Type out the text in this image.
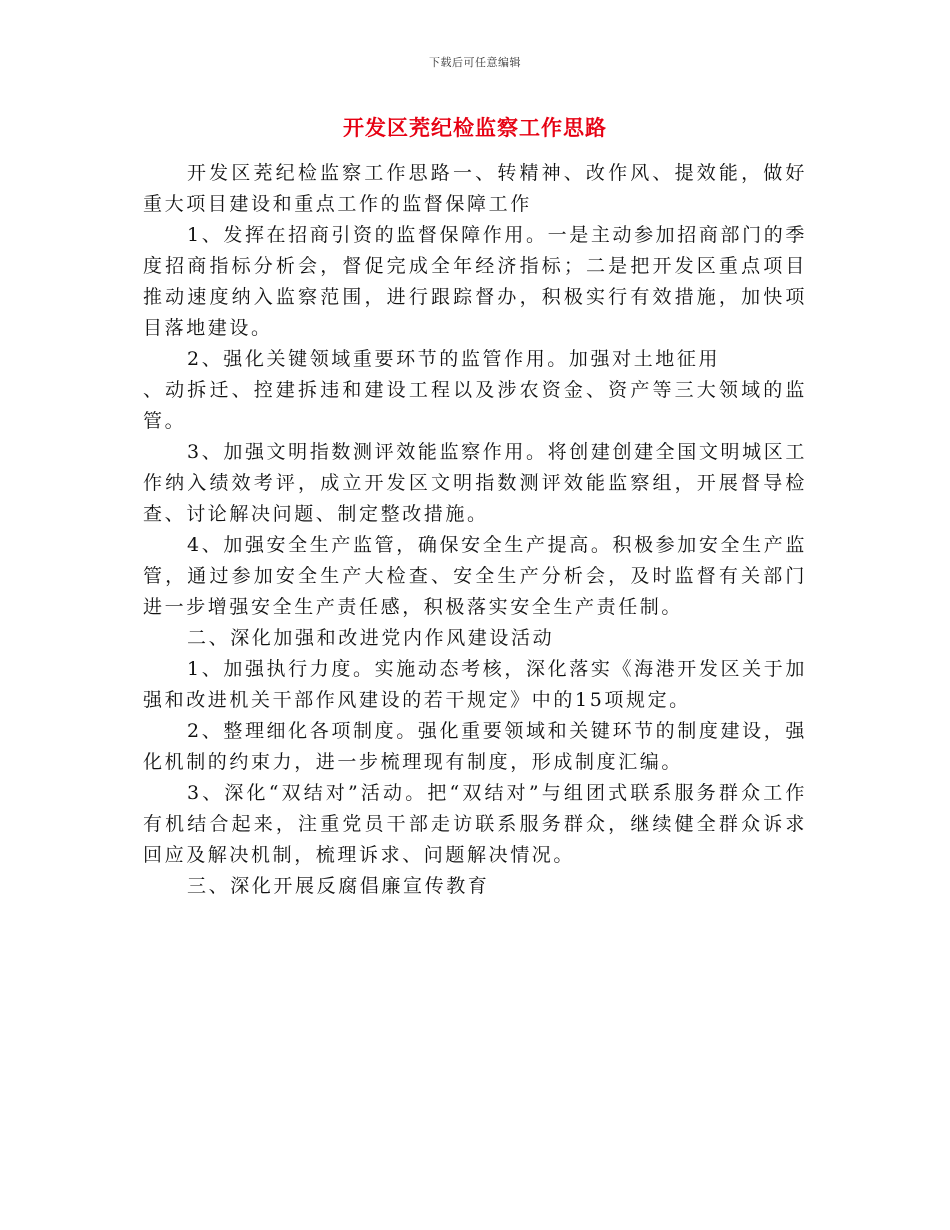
下载后可任意编辑
开发区茺纪检监察工作思路

开发区茺纪检监察工作思路一、转精神、改作风、提效能，做好重大项目建设和重点工作的监督保障工作

1、发挥在招商引资的监督保障作用。一是主动参加招商部门的季度招商指标分析会，督促完成全年经济指标；二是把开发区重点项目推动速度纳入监察范围，进行跟踪督办，积极实行有效措施，加快项目落地建设。

2、强化关键领域重要环节的监管作用。加强对土地征用
、动拆迁、控建拆违和建设工程以及涉农资金、资产等三大领域的监管。

3、加强文明指数测评效能监察作用。将创建创建全国文明城区工作纳入绩效考评，成立开发区文明指数测评效能监察组，开展督导检查、讨论解决问题、制定整改措施。

4、加强安全生产监管，确保安全生产提高。积极参加安全生产监管，通过参加安全生产大检查、安全生产分析会，及时监督有关部门进一步增强安全生产责任感，积极落实安全生产责任制。

二、深化加强和改进党内作风建设活动

1、加强执行力度。实施动态考核，深化落实《海港开发区关于加强和改进机关干部作风建设的若干规定》中的15项规定。

2、整理细化各项制度。强化重要领域和关键环节的制度建设，强化机制的约束力，进一步梳理现有制度，形成制度汇编。

3、深化“双结对”活动。把“双结对”与组团式联系服务群众工作有机结合起来，注重党员干部走访联系服务群众，继续健全群众诉求回应及解决机制，梳理诉求、问题解决情况。

三、深化开展反腐倡廉宣传教育
